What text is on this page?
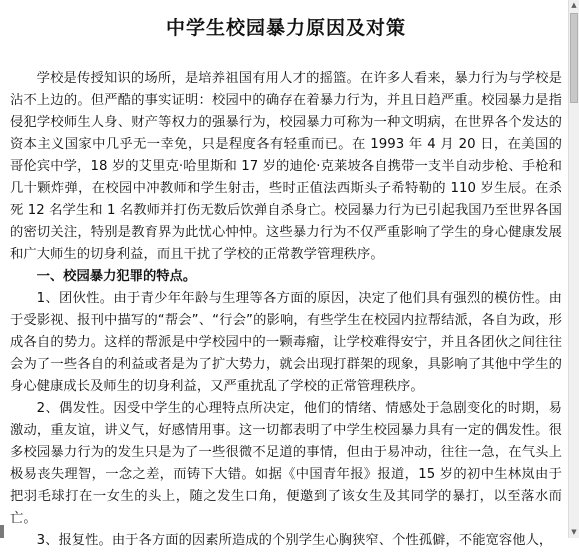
中学生校园暴力原因及对策

学校是传授知识的场所，是培养祖国有用人才的摇篮。在许多人看来，暴力行为与学校是沾不上边的。但严酷的事实证明：校园中的确存在着暴力行为，并且日趋严重。校园暴力是指侵犯学校师生人身、财产等权力的强暴行为，校园暴力可称为一种文明病，在世界各个发达的资本主义国家中几乎无一幸免，只是程度各有轻重而已。在 1993 年 4 月 20 日，在美国的哥伦宾中学，18 岁的艾里克·哈里斯和 17 岁的迪伦·克莱坡各自携带一支半自动步枪、手枪和几十颗炸弹，在校园中冲教师和学生射击，些时正值法西斯头子希特勒的 110 岁生辰。在杀死 12 名学生和 1 名教师并打伤无数后饮弹自杀身亡。校园暴力行为已引起我国乃至世界各国的密切关注，特别是教育界为此忧心忡忡。这些暴力行为不仅严重影响了学生的身心健康发展和广大师生的切身利益，而且干扰了学校的正常教学管理秩序。

一、校园暴力犯罪的特点。

1、团伙性。由于青少年年龄与生理等各方面的原因，决定了他们具有强烈的模仿性。由于受影视、报刊中描写的“帮会”、“行会”的影响，有些学生在校园内拉帮结派，各自为政，形成各自的势力。这样的帮派是中学校园中的一颗毒瘤，让学校难得安宁，并且各团伙之间往往会为了一些各自的利益或者是为了扩大势力，就会出现打群架的现象，具影响了其他中学生的身心健康成长及师生的切身利益，又严重扰乱了学校的正常管理秩序。

2、偶发性。因受中学生的心理特点所决定，他们的情绪、情感处于急剧变化的时期，易激动，重友谊，讲义气，好感情用事。这一切都表明了中学生校园暴力具有一定的偶发性。很多校园暴力行为的发生只是为了一些很微不足道的事情，但由于易冲动，往往一急，在气头上极易丧失理智，一念之差，而铸下大错。如据《中国青年报》报道，15 岁的初中生林岚由于把羽毛球打在一女生的头上，随之发生口角，便邀到了该女生及其同学的暴打，以至落水而亡。

3、报复性。由于各方面的因素所造成的个别学生心胸狭窄、个性孤僻，不能宽容他人，

▲
▼
